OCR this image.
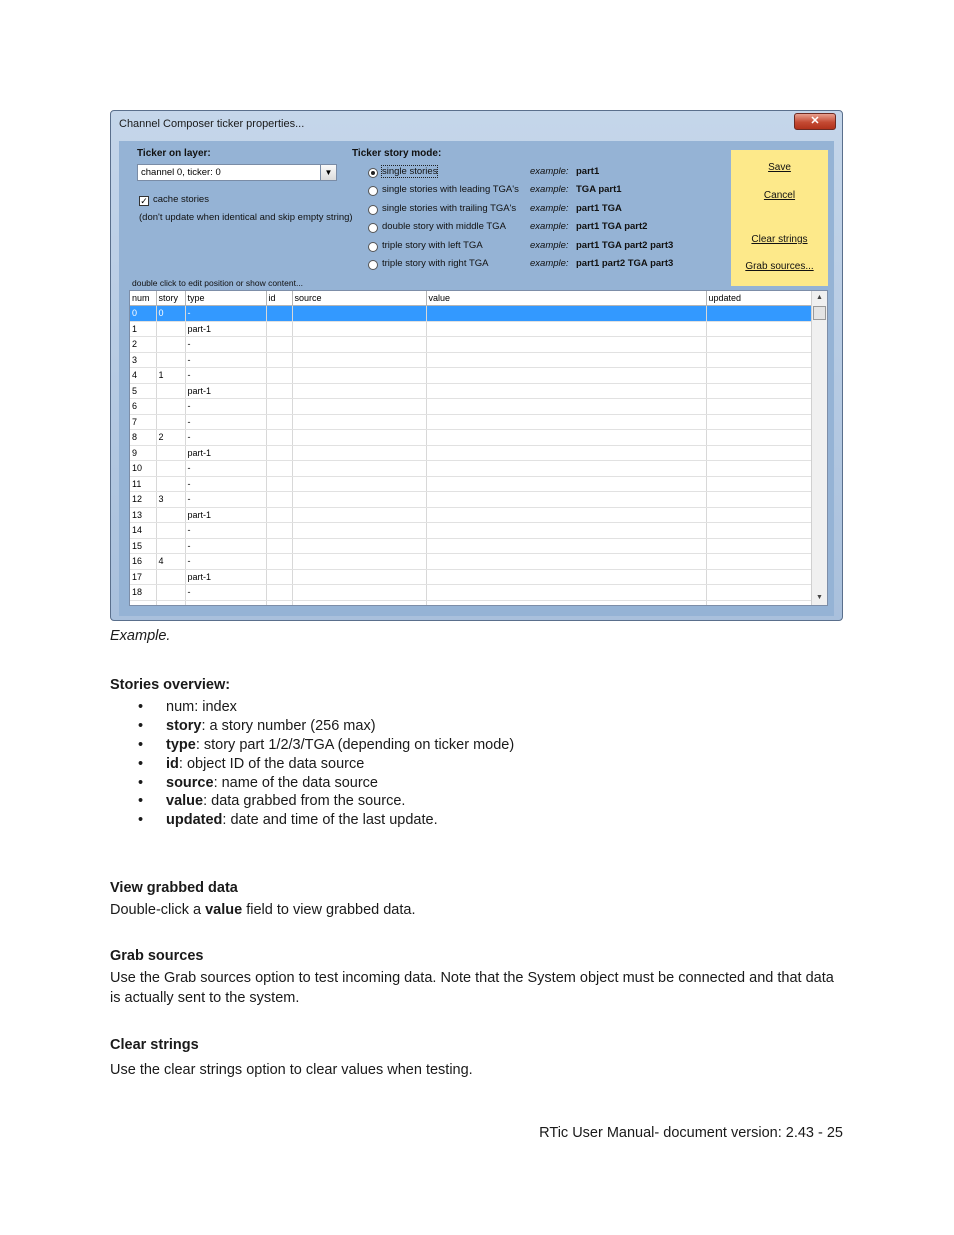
Channel Composer ticker properties...	✕
Ticker on layer:
channel 0, ticker: 0	▼
✓ cache stories
(don't update when identical and skip empty string)
Ticker story mode:
single stories	example: part1
single stories with leading TGA's example: TGA part1
single stories with trailing TGA's example: part1 TGA
double story with middle TGA	example: part1 TGA part2
triple story with left TGA	example: part1 TGA part2 part3
triple story with right TGA	example: part1 part2 TGA part3
Save
Cancel
Clear strings
Grab sources...
double click to edit position or show content...
num	story	type	id	source	value	updated
0	0	-				
1		part-1				
2		-				
3		-				
4	1	-				
5		part-1				
6		-				
7		-				
8	2	-				
9		part-1				
10		-				
11		-				
12	3	-				
13		part-1				
14		-				
15		-				
16	4	-				
17		part-1				
18		-				

▲
▼
Example.
Stories overview:
• num: index
• story: a story number (256 max)
• type: story part 1/2/3/TGA (depending on ticker mode)
• id: object ID of the data source
• source: name of the data source
• value: data grabbed from the source.
• updated: date and time of the last update.
View grabbed data
Double-click a value field to view grabbed data.
Grab sources
Use the Grab sources option to test incoming data. Note that the System object must be connected and that data is actually sent to the system.
Clear strings
Use the clear strings option to clear values when testing.
RTic User Manual- document version: 2.43 - 25
